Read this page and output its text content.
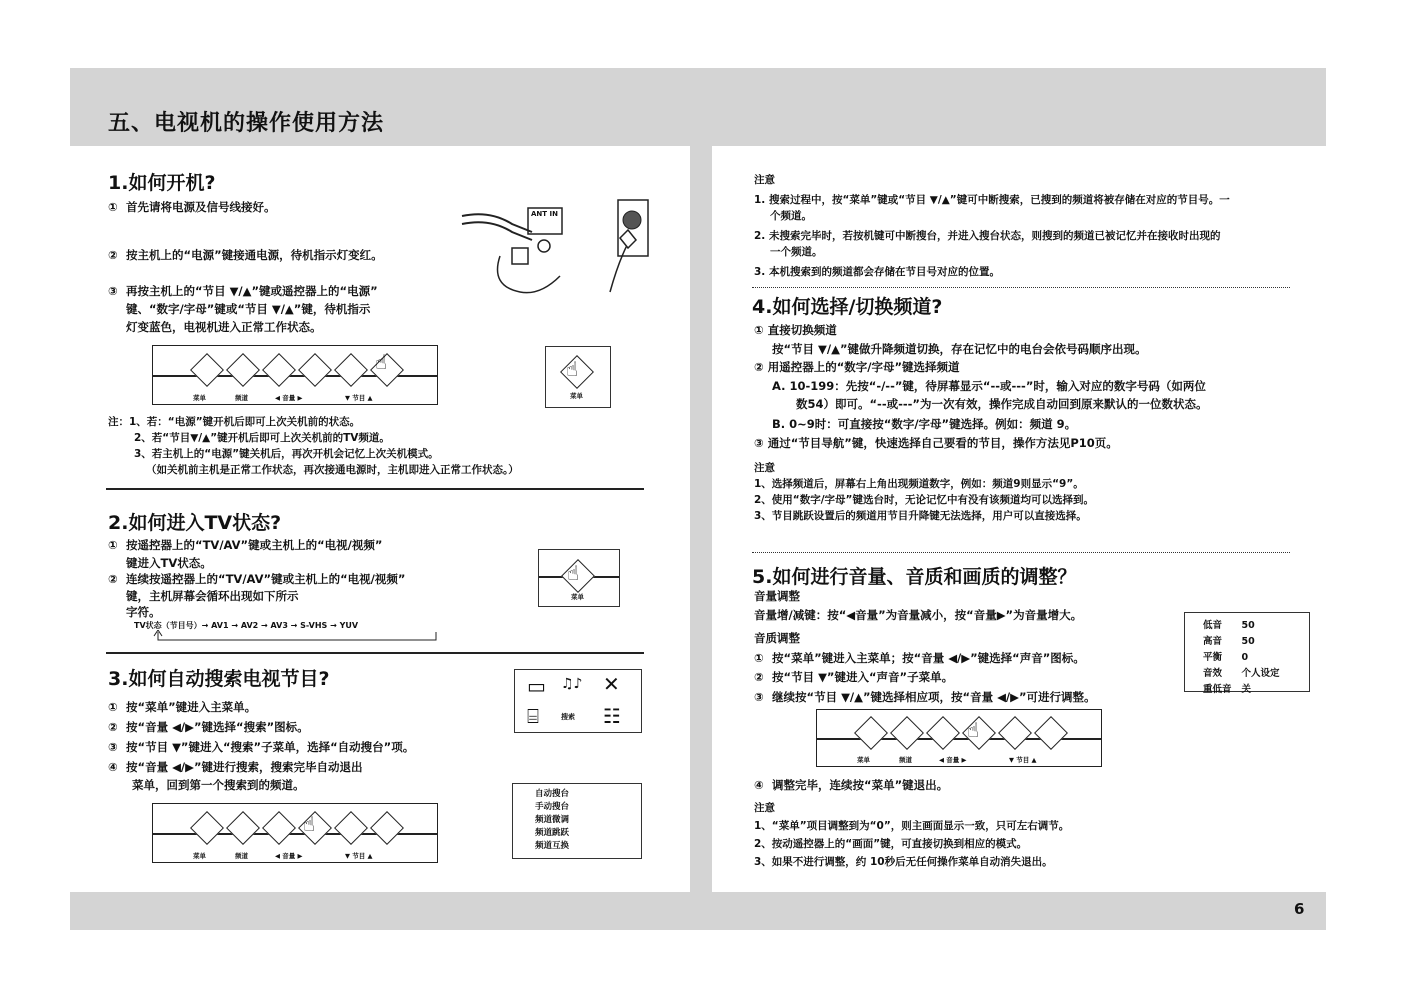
五、电视机的操作使用方法
6
1.如何开机?
① 首先请将电源及信号线接好。
② 按主机上的“电源”键接通电源，待机指示灯变红。
③ 再按主机上的“节目 ▼/▲”键或遥控器上的“电源”
键、“数字/字母”键或“节目 ▼/▲”键，待机指示
灯变蓝色，电视机进入正常工作状态。
ANT IN
菜单	频道	◀ 音量 ▶	▼ 节目 ▲
☝	☝
菜单
注：1、若：“电源”键开机后即可上次关机前的状态。
2、若“节目▼/▲”键开机后即可上次关机前的TV频道。
3、若主机上的“电源”键关机后，再次开机会记忆上次关机模式。
（如关机前主机是正常工作状态，再次接通电源时，主机即进入正常工作状态。）
2.如何进入TV状态?
① 按遥控器上的“TV/AV”键或主机上的“电视/视频”
键进入TV状态。
② 连续按遥控器上的“TV/AV”键或主机上的“电视/视频”
键，主机屏幕会循环出现如下所示
字符。
TV状态（节目号）→ AV1 → AV2 → AV3 → S-VHS → YUV
☝
菜单
3.如何自动搜索电视节目?
① 按“菜单”键进入主菜单。
② 按“音量 ◀/▶”键选择“搜索”图标。
③ 按“节目 ▼”键进入“搜索”子菜单，选择“自动搜台”项。
④ 按“音量 ◀/▶”键进行搜索，搜索完毕自动退出
菜单，回到第一个搜索到的频道。
▭ ♫♪ ✕
⌸	搜索 ☷
自动搜台
手动搜台
频道微调
频道跳跃
频道互换
菜单	频道	◀ 音量 ▶	▼ 节目 ▲
☝
注意
1. 搜索过程中，按“菜单”键或“节目 ▼/▲”键可中断搜索，已搜到的频道将被存储在对应的节目号。一
个频道。
2. 未搜索完毕时，若按机键可中断搜台，并进入搜台状态，则搜到的频道已被记忆并在接收时出现的
一个频道。
3. 本机搜索到的频道都会存储在节目号对应的位置。
4.如何选择/切换频道?
① 直接切换频道
按“节目 ▼/▲”键做升降频道切换，存在记忆中的电台会依号码顺序出现。
② 用遥控器上的“数字/字母”键选择频道
A. 10-199：先按“-/--”键，待屏幕显示“--或---”时，输入对应的数字号码（如两位
数54）即可。“--或---”为一次有效，操作完成自动回到原来默认的一位数状态。
B. 0~9时：可直接按“数字/字母”键选择。例如：频道 9。
③ 通过“节目导航”键，快速选择自己要看的节目，操作方法见P10页。
注意
1、选择频道后，屏幕右上角出现频道数字，例如：频道9则显示“9”。
2、使用“数字/字母”键选台时，无论记忆中有没有该频道均可以选择到。
3、节目跳跃设置后的频道用节目升降键无法选择，用户可以直接选择。
5.如何进行音量、音质和画质的调整？
音量调整
音量增/减键：按“◀音量”为音量减小，按“音量▶”为音量增大。
音质调整
① 按“菜单”键进入主菜单；按“音量 ◀/▶”键选择“声音”图标。
② 按“节目 ▼”键进入“声音”子菜单。
③ 继续按“节目 ▼/▲”键选择相应项，按“音量 ◀/▶”可进行调整。
低音	50
高音	50
平衡	0
音效	个人设定
重低音	关
菜单	频道	◀ 音量 ▶	▼ 节目 ▲
☝
④ 调整完毕，连续按“菜单”键退出。
注意
1、“菜单”项目调整到为“0”，则主画面显示一致，只可左右调节。
2、按动遥控器上的“画面”键，可直接切换到相应的模式。
3、如果不进行调整，约 10秒后无任何操作菜单自动消失退出。
